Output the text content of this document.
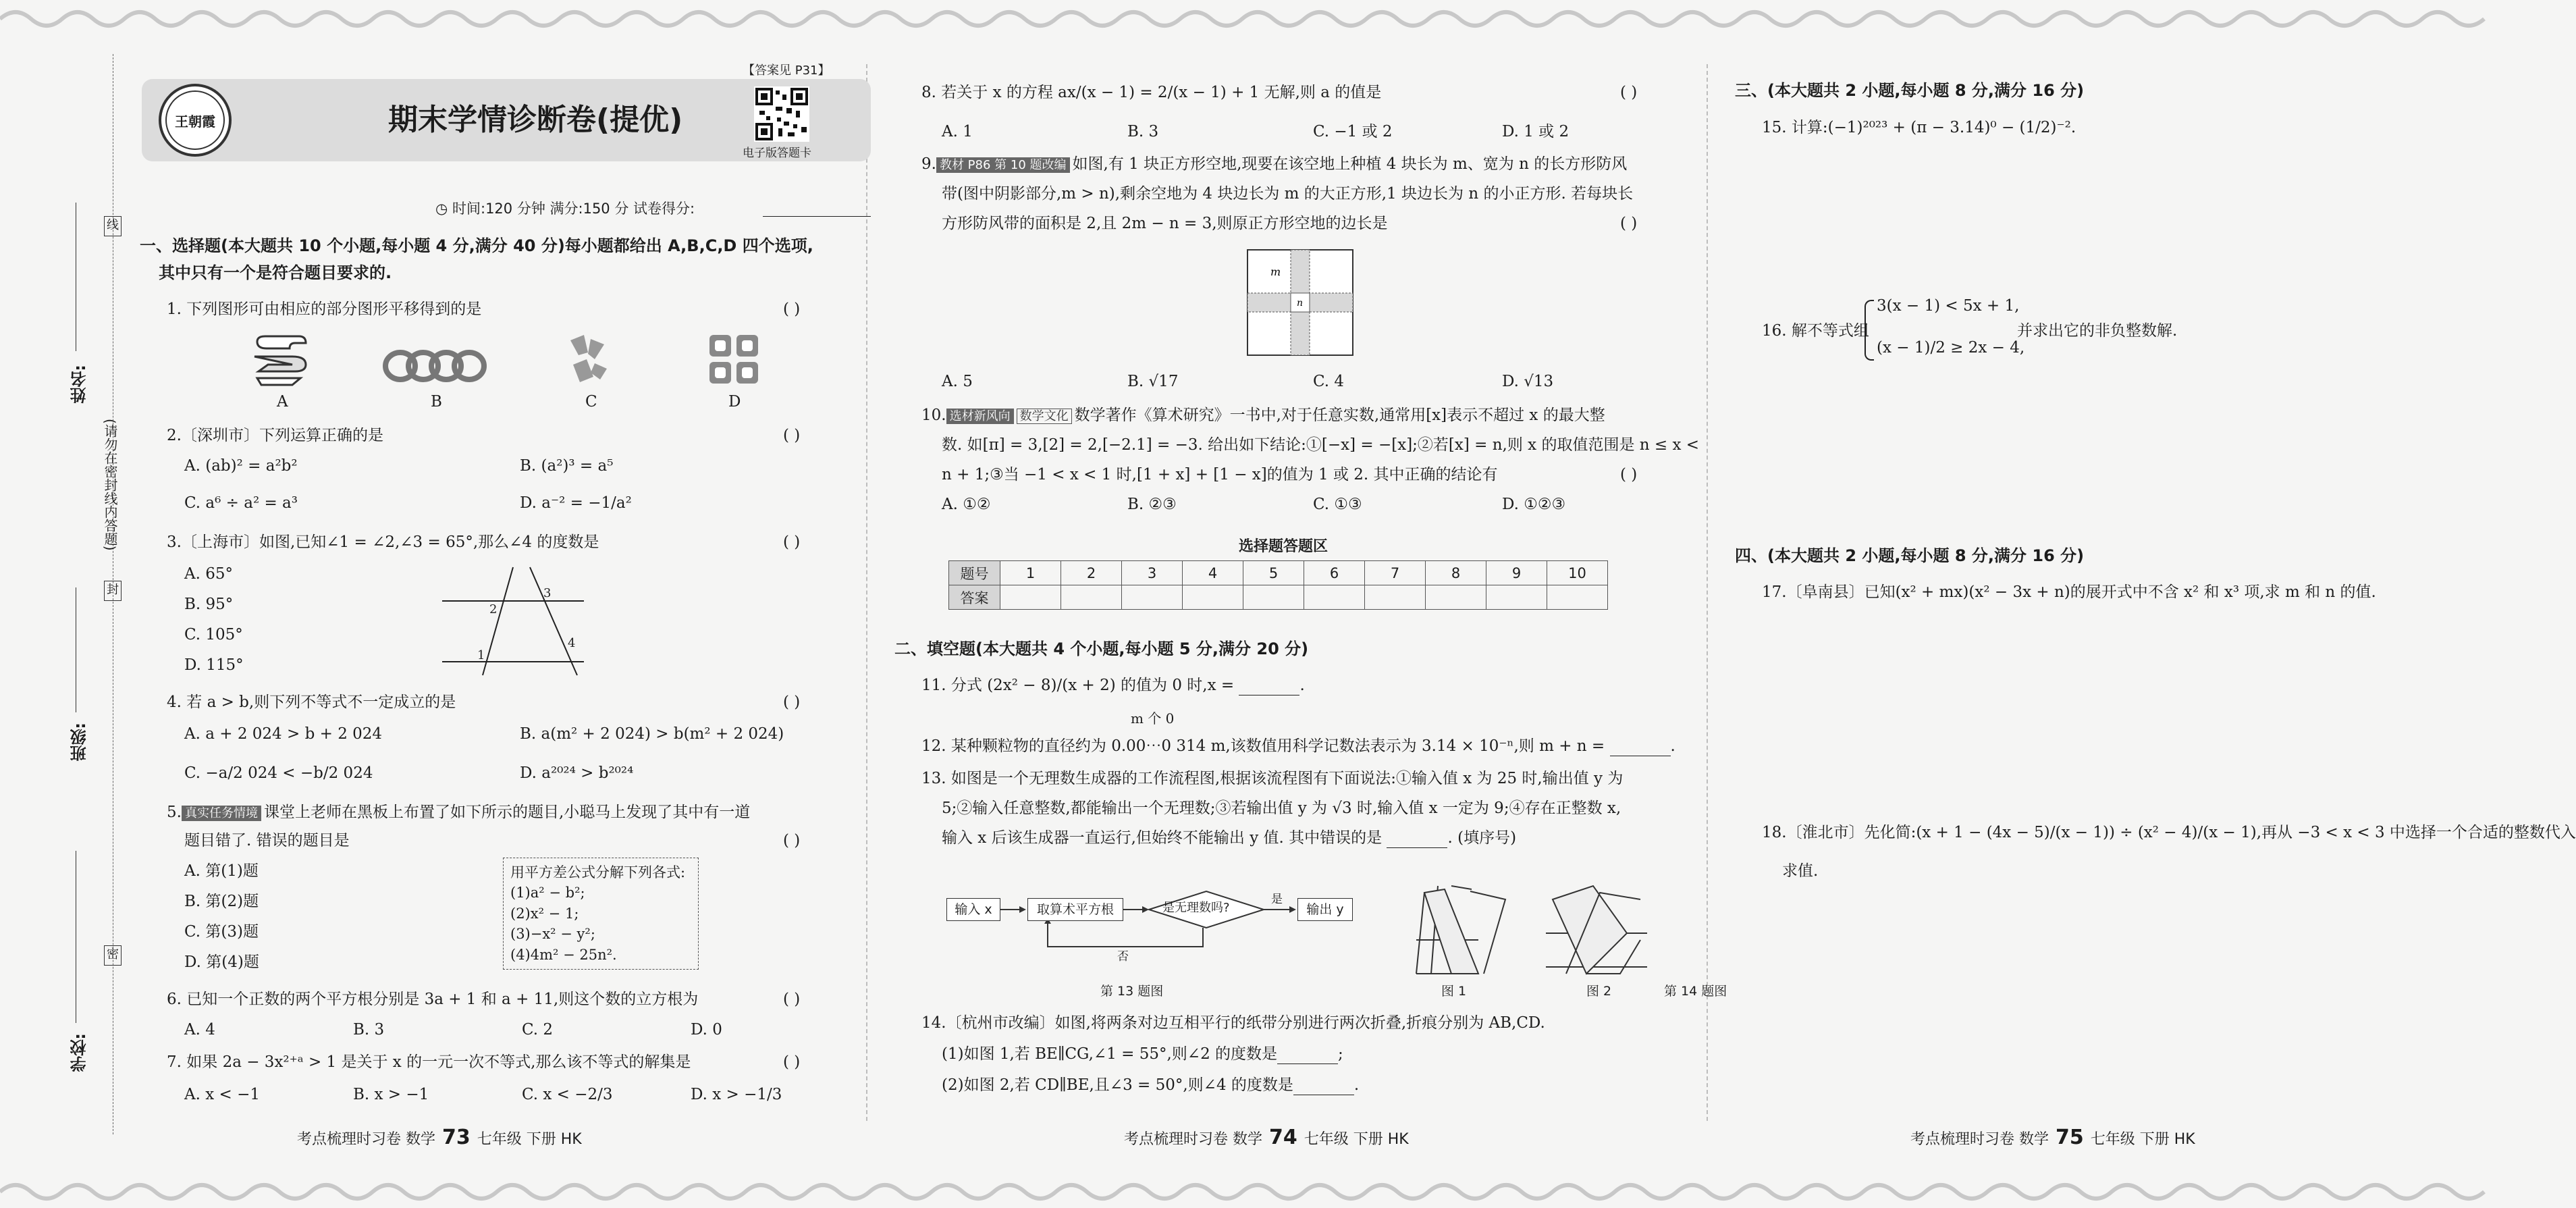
线
封
密
姓名:
(请勿在密封线内答题)
班级:
学校:
【答案见 P31】
王朝霞	期末学情诊断卷(提优)
电子版答题卡
◷ 时间:120 分钟 满分:150 分 试卷得分:
一、选择题(本大题共 10 个小题,每小题 4 分,满分 40 分)每小题都给出 A,B,C,D 四个选项,
其中只有一个是符合题目要求的.
1. 下列图形可由相应的部分图形平移得到的是	( )
A	B	C	D
2.〔深圳市〕下列运算正确的是	( )
A. (ab)² = a²b²	B. (a²)³ = a⁵
C. a⁶ ÷ a² = a³	D. a⁻² = −1/a²
3.〔上海市〕如图,已知∠1 = ∠2,∠3 = 65°,那么∠4 的度数是	( )
A. 65°
B. 95°
C. 105°
D. 115°
2
3
1
4
4. 若 a > b,则下列不等式不一定成立的是	( )
A. a + 2 024 > b + 2 024	B. a(m² + 2 024) > b(m² + 2 024)
C. −a/2 024 < −b/2 024	D. a²⁰²⁴ > b²⁰²⁴
5. 真实任务情境 课堂上老师在黑板上布置了如下所示的题目,小聪马上发现了其中有一道
题目错了. 错误的题目是	( )
A. 第(1)题
B. 第(2)题
C. 第(3)题
D. 第(4)题
用平方差公式分解下列各式:
(1)a² − b²;
(2)x² − 1;
(3)−x² − y²;
(4)4m² − 25n².
6. 已知一个正数的两个平方根分别是 3a + 1 和 a + 11,则这个数的立方根为	( )
A. 4	B. 3	C. 2	D. 0
7. 如果 2a − 3x²⁺ᵃ > 1 是关于 x 的一元一次不等式,那么该不等式的解集是	( )
A. x < −1	B. x > −1	C. x < −2/3	D. x > −1/3
考点梳理时习卷 数学 73 七年级 下册 HK
8. 若关于 x 的方程 ax/(x − 1) = 2/(x − 1) + 1 无解,则 a 的值是	( )
A. 1	B. 3	C. −1 或 2	D. 1 或 2
9. 教材 P86 第 10 题改编 如图,有 1 块正方形空地,现要在该空地上种植 4 块长为 m、宽为 n 的长方形防风
带(图中阴影部分,m > n),剩余空地为 4 块边长为 m 的大正方形,1 块边长为 n 的小正方形. 若每块长
方形防风带的面积是 2,且 2m − n = 3,则原正方形空地的边长是	( )
m
n
A. 5	B. √17	C. 4	D. √13
10. 选材新风向 数学文化 数学著作《算术研究》一书中,对于任意实数,通常用[x]表示不超过 x 的最大整
数. 如[π] = 3,[2] = 2,[−2.1] = −3. 给出如下结论:①[−x] = −[x];②若[x] = n,则 x 的取值范围是 n ≤ x <
n + 1;③当 −1 < x < 1 时,[1 + x] + [1 − x]的值为 1 或 2. 其中正确的结论有	( )
A. ①②	B. ②③	C. ①③	D. ①②③
选择题答题区
题号	1	2	3	4	5	6	7	8	9	10
答案										
二、填空题(本大题共 4 个小题,每小题 5 分,满分 20 分)
11. 分式 (2x² − 8)/(x + 2) 的值为 0 时,x =	.
m 个 0
12. 某种颗粒物的直径约为 0.00⋯0 314 m,该数值用科学记数法表示为 3.14 × 10⁻ⁿ,则 m + n =	.
13. 如图是一个无理数生成器的工作流程图,根据该流程图有下面说法:①输入值 x 为 25 时,输出值 y 为
5;②输入任意整数,都能输出一个无理数;③若输出值 y 为 √3 时,输入值 x 一定为 9;④存在正整数 x,
输入 x 后该生成器一直运行,但始终不能输出 y 值. 其中错误的是	. (填序号)
输入 x	取算术平方根	是无理数吗?
是
否
输出 y
第 13 题图	图 1	图 2	第 14 题图
14.〔杭州市改编〕如图,将两条对边互相平行的纸带分别进行两次折叠,折痕分别为 AB,CD.
(1)如图 1,若 BE∥CG,∠1 = 55°,则∠2 的度数是	;
(2)如图 2,若 CD∥BE,且∠3 = 50°,则∠4 的度数是	.
考点梳理时习卷 数学 74 七年级 下册 HK
三、(本大题共 2 小题,每小题 8 分,满分 16 分)
15. 计算:(−1)²⁰²³ + (π − 3.14)⁰ − (1/2)⁻².
16. 解不等式组
3(x − 1) < 5x + 1,
(x − 1)/2 ≥ 2x − 4,
并求出它的非负整数解.
四、(本大题共 2 小题,每小题 8 分,满分 16 分)
17.〔阜南县〕已知(x² + mx)(x² − 3x + n)的展开式中不含 x² 和 x³ 项,求 m 和 n 的值.
18.〔淮北市〕先化简:(x + 1 − (4x − 5)/(x − 1)) ÷ (x² − 4)/(x − 1),再从 −3 < x < 3 中选择一个合适的整数代入
求值.
考点梳理时习卷 数学 75 七年级 下册 HK
